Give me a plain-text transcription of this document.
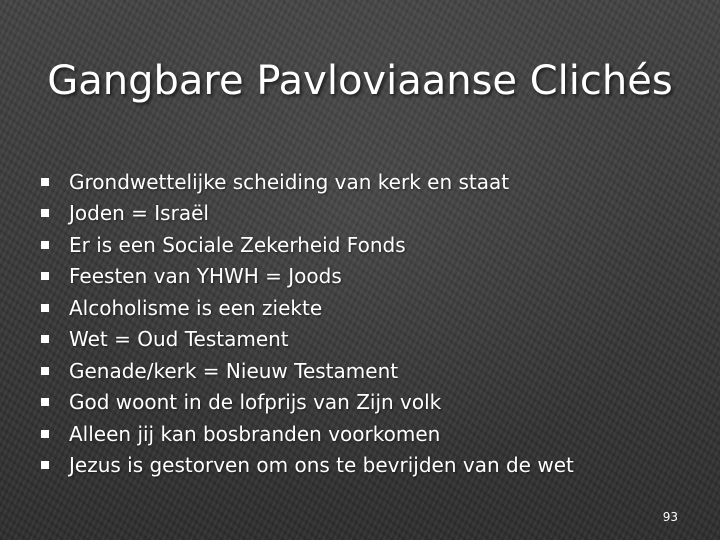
Gangbare Pavloviaanse Clichés
Grondwettelijke scheiding van kerk en staat
Joden = Israël
Er is een Sociale Zekerheid Fonds
Feesten van YHWH = Joods
Alcoholisme is een ziekte
Wet = Oud Testament
Genade/kerk = Nieuw Testament
God woont in de lofprijs van Zijn volk
Alleen jij kan bosbranden voorkomen
Jezus is gestorven om ons te bevrijden van de wet
93
